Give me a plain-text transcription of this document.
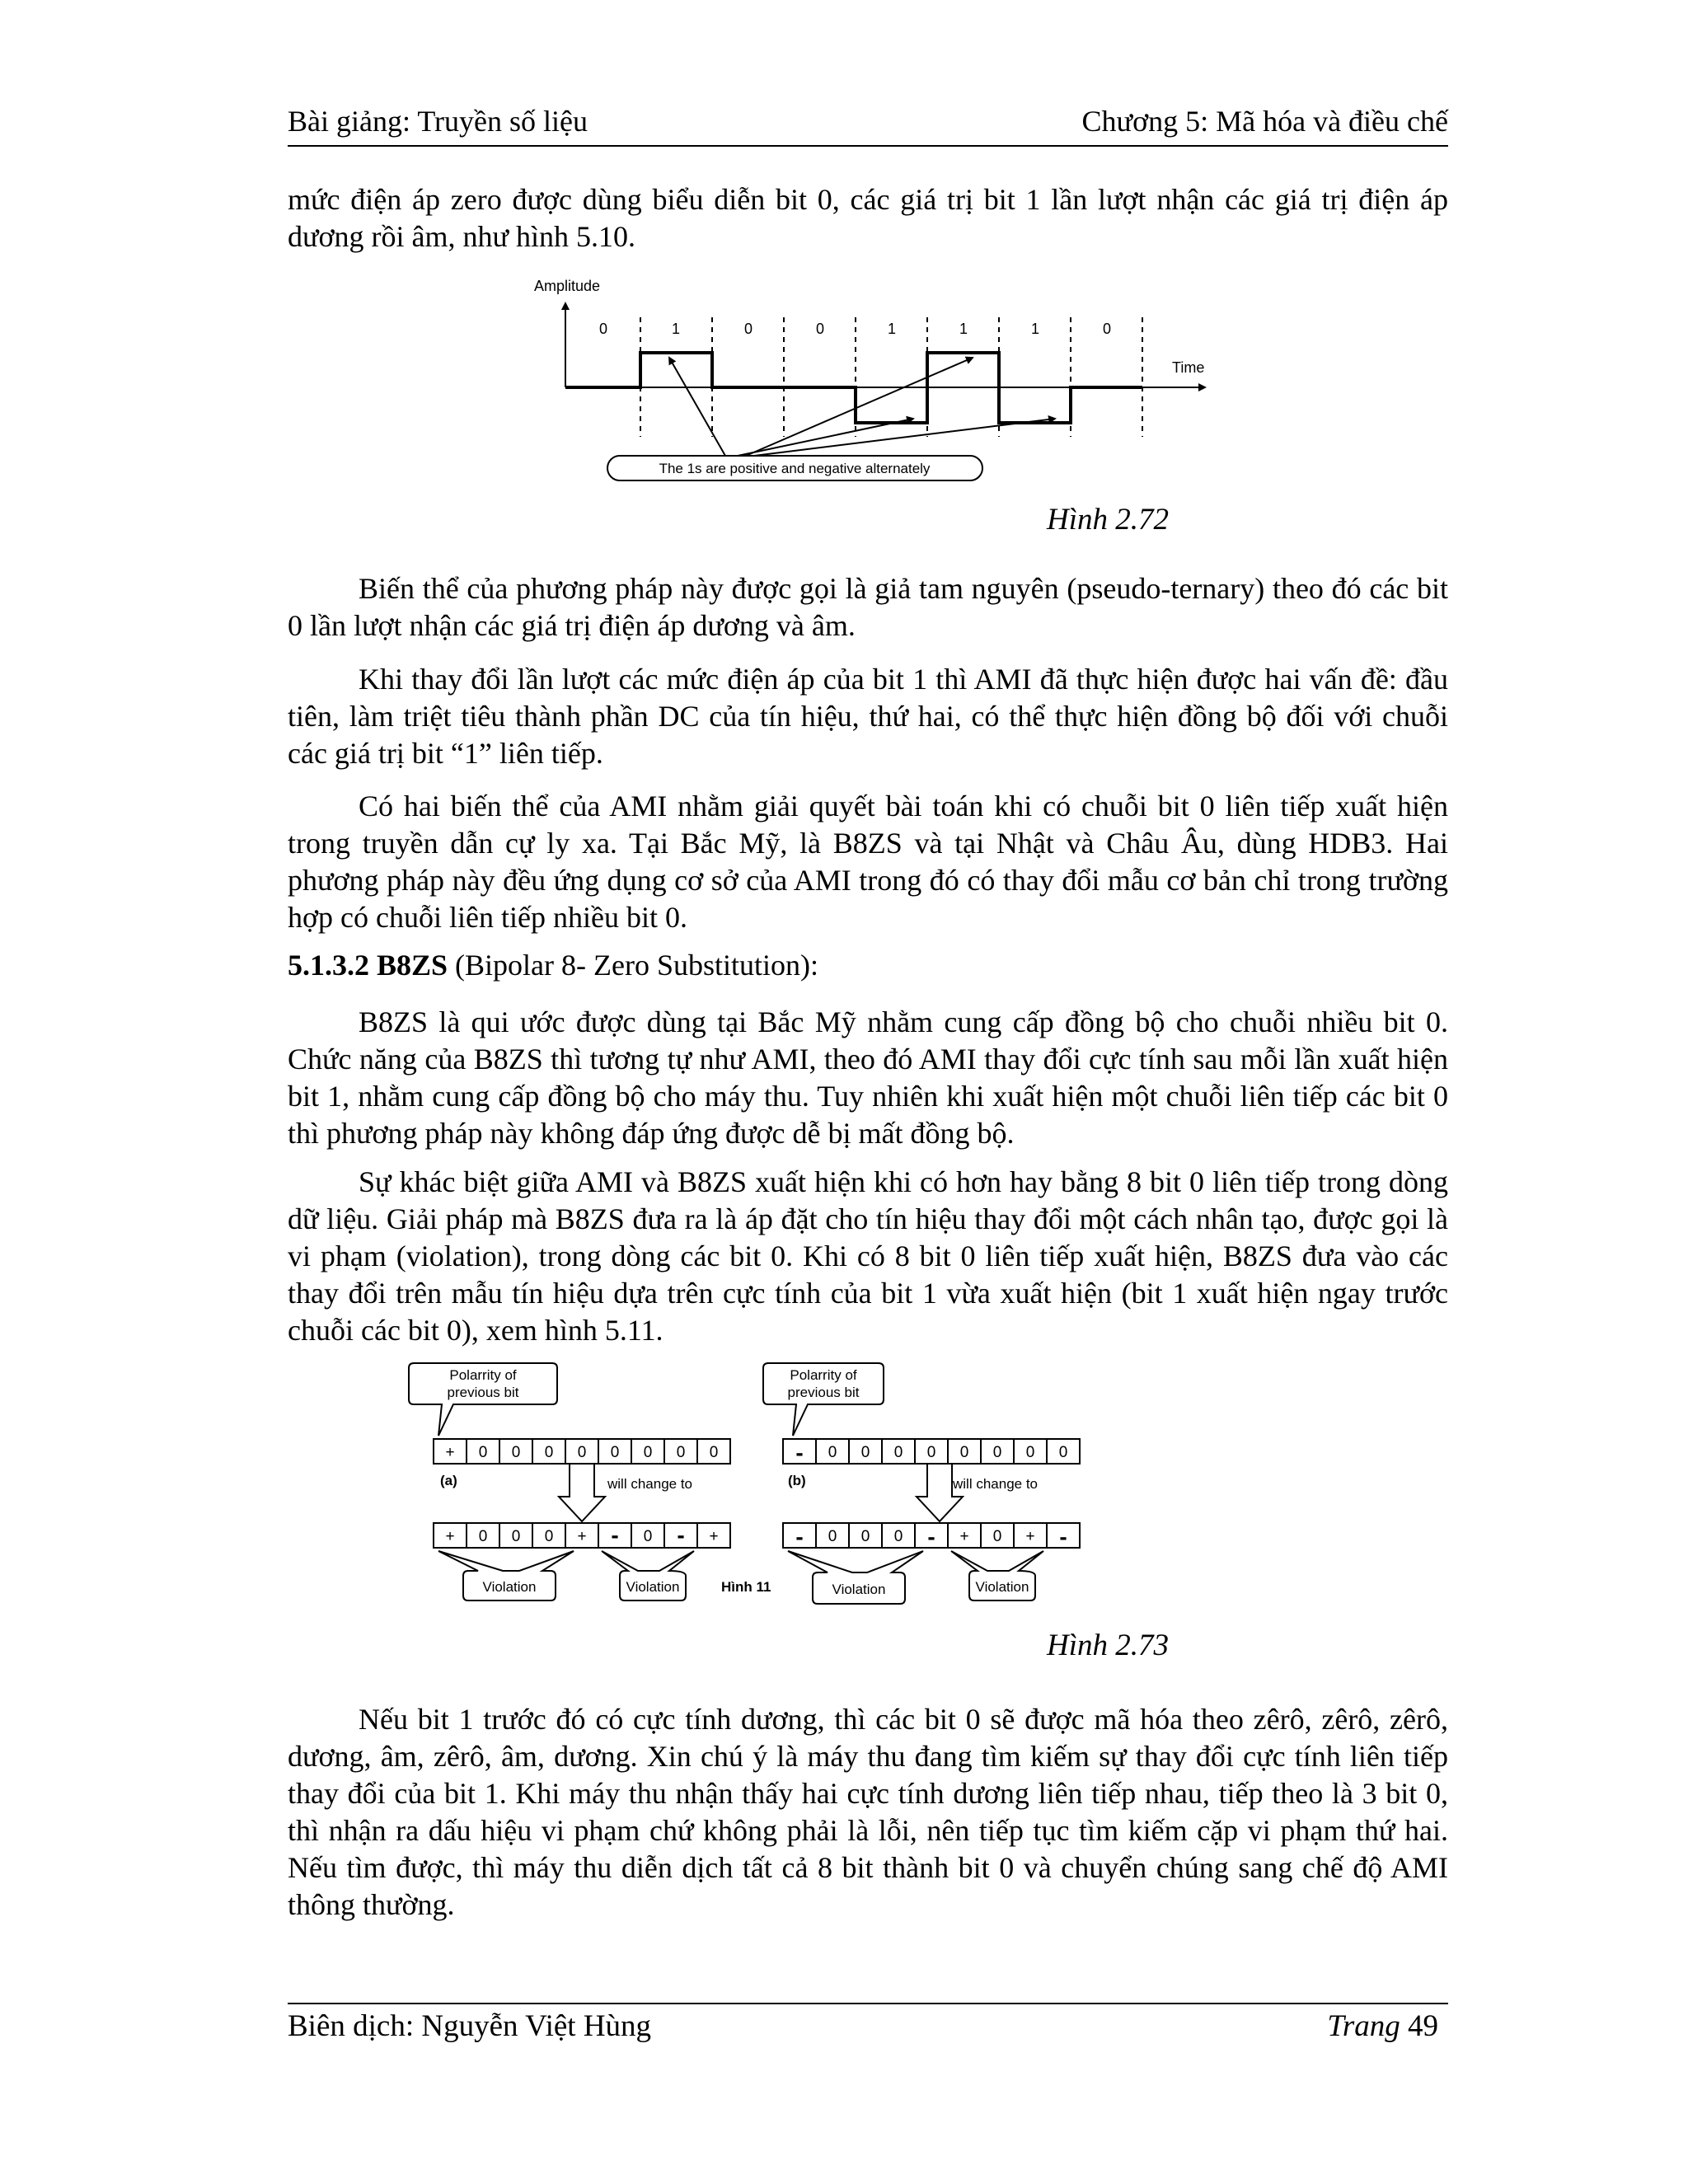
Bài giảng: Truyền số liệu	Chương 5: Mã hóa và điều chế

mức điện áp zero được dùng biểu diễn bit 0, các giá trị bit 1 lần lượt nhận các giá trị điện áp dương rồi âm, như hình 5.10.

Amplitude
Time
0	1	0	0	1	1	1	0
The 1s are positive and negative alternately
Hình 2.72

Biến thể của phương pháp này được gọi là giả tam nguyên (pseudo-ternary) theo đó các bit 0 lần lượt nhận các giá trị điện áp dương và âm.

Khi thay đổi lần lượt các mức điện áp của bit 1 thì AMI đã thực hiện được hai vấn đề: đầu tiên, làm triệt tiêu thành phần DC của tín hiệu, thứ hai, có thể thực hiện đồng bộ đối với chuỗi các giá trị bit “1” liên tiếp.

Có hai biến thể của AMI nhằm giải quyết bài toán khi có chuỗi bit 0 liên tiếp xuất hiện trong truyền dẫn cự ly xa. Tại Bắc Mỹ, là B8ZS và tại Nhật và Châu Âu, dùng HDB3. Hai phương pháp này đều ứng dụng cơ sở của AMI trong đó có thay đổi mẫu cơ bản chỉ trong trường hợp có chuỗi liên tiếp nhiều bit 0.

5.1.3.2 B8ZS (Bipolar 8- Zero Substitution):

B8ZS là qui ước được dùng tại Bắc Mỹ nhằm cung cấp đồng bộ cho chuỗi nhiều bit 0. Chức năng của B8ZS thì tương tự như AMI, theo đó AMI thay đổi cực tính sau mỗi lần xuất hiện bit 1, nhằm cung cấp đồng bộ cho máy thu. Tuy nhiên khi xuất hiện một chuỗi liên tiếp các bit 0 thì phương pháp này không đáp ứng được dễ bị mất đồng bộ.

Sự khác biệt giữa AMI và B8ZS xuất hiện khi có hơn hay bằng 8 bit 0 liên tiếp trong dòng dữ liệu. Giải pháp mà B8ZS đưa ra là áp đặt cho tín hiệu thay đổi một cách nhân tạo, được gọi là vi phạm (violation), trong dòng các bit 0. Khi có 8 bit 0 liên tiếp xuất hiện, B8ZS đưa vào các thay đổi trên mẫu tín hiệu dựa trên cực tính của bit 1 vừa xuất hiện (bit 1 xuất hiện ngay trước chuỗi các bit 0), xem hình 5.11.

Polarrity of
previous bit
+ 0 0 0 0 0 0 0 0
(a)	will change to
+ 0 0 0 + - 0 - +
Violation	Violation	Hình 11
Polarrity of
previous bit
- 0 0 0 0 0 0 0 0
(b)	will change to
- 0 0 0 - + 0 + -
Violation	Violation
Hình 2.73

Nếu bit 1 trước đó có cực tính dương, thì các bit 0 sẽ được mã hóa theo zêrô, zêrô, zêrô, dương, âm, zêrô, âm, dương. Xin chú ý là máy thu đang tìm kiếm sự thay đổi cực tính liên tiếp thay đổi của bit 1. Khi máy thu nhận thấy hai cực tính dương liên tiếp nhau, tiếp theo là 3 bit 0, thì nhận ra dấu hiệu vi phạm chứ không phải là lỗi, nên tiếp tục tìm kiếm cặp vi phạm thứ hai. Nếu tìm được, thì máy thu diễn dịch tất cả 8 bit thành bit 0 và chuyển chúng sang chế độ AMI thông thường.

Biên dịch: Nguyễn Việt Hùng	Trang 49
